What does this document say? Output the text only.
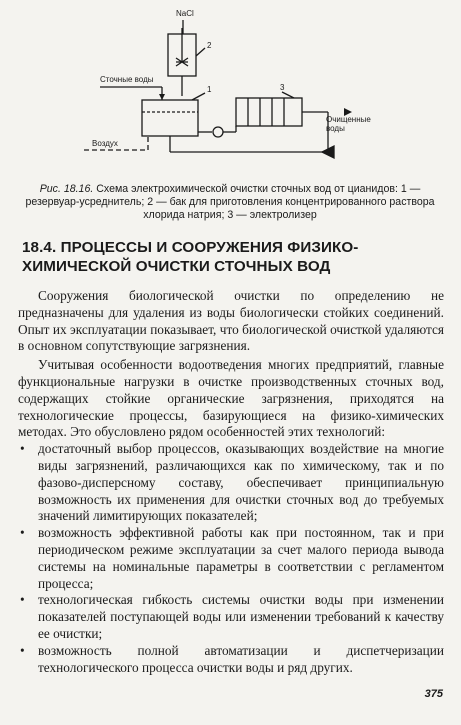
NaCl
2
1	3
Сточные воды
Воздух
Очищенные
воды
Рис. 18.16. Схема электрохимической очистки сточных вод от цианидов: 1 — резервуар-усреднитель; 2 — бак для приготовления концентрированного раствора хлорида натрия; 3 — электролизер
18.4. ПРОЦЕССЫ И СООРУЖЕНИЯ ФИЗИКО-ХИМИЧЕСКОЙ ОЧИСТКИ СТОЧНЫХ ВОД

Сооружения биологической очистки по определению не предназначены для удаления из воды биологически стойких соединений. Опыт их эксплуатации показывает, что биологической очисткой удаляются в основном сопутствующие загрязнения.

Учитывая особенности водоотведения многих предприятий, главные функциональные нагрузки в очистке производственных сточных вод, содержащих стойкие органические загрязнения, приходятся на технологические процессы, базирующиеся на физико-химических методах. Это обусловлено рядом особенностей этих технологий:

• достаточный выбор процессов, оказывающих воздействие на многие виды загрязнений, различающихся как по химическому, так и по фазово-дисперсному составу, обеспечивает принципиальную возможность их применения для очистки сточных вод до требуемых значений лимитирующих показателей;
• возможность эффективной работы как при постоянном, так и при периодическом режиме эксплуатации за счет малого периода вывода системы на номинальные параметры в соответствии с регламентом процесса;
• технологическая гибкость системы очистки воды при изменении показателей поступающей воды или изменении требований к качеству ее очистки;
• возможность полной автоматизации и диспетчеризации технологического процесса очистки воды и ряд других.
375
